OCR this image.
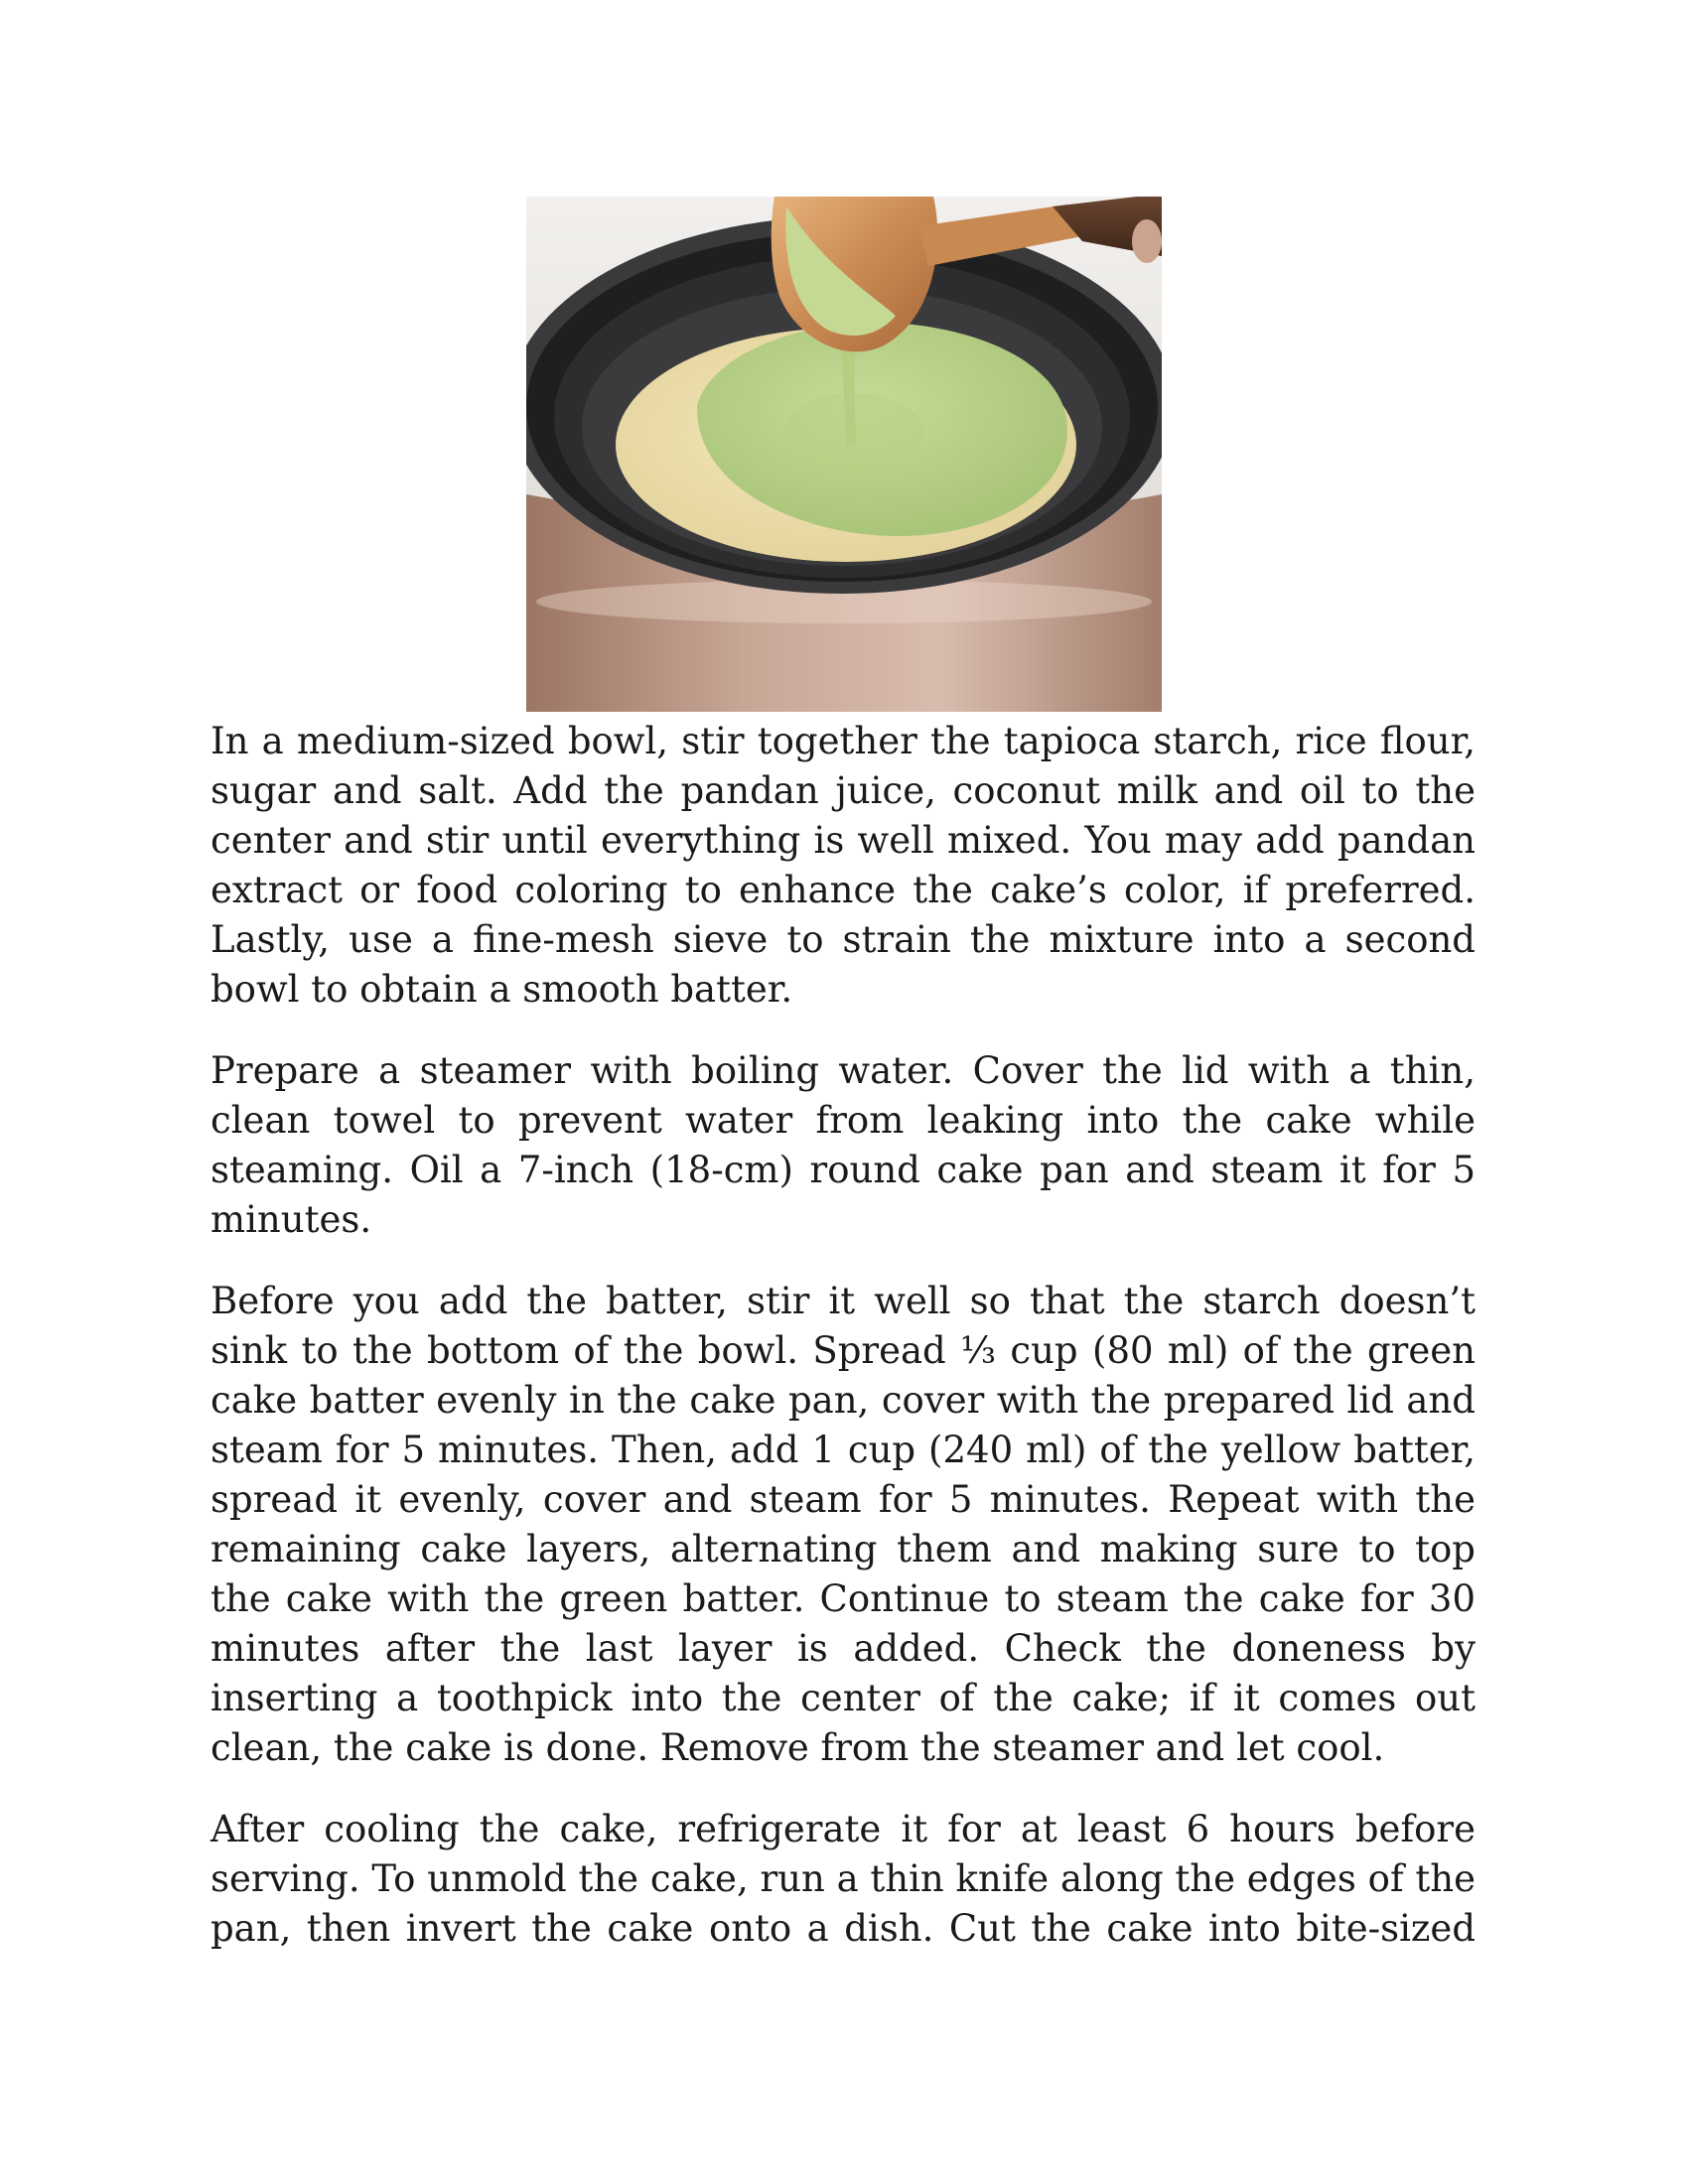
In a medium-sized bowl, stir together the tapioca starch, rice flour, sugar and salt. Add the pandan juice, coconut milk and oil to the center and stir until everything is well mixed. You may add pandan extract or food coloring to enhance the cake’s color, if preferred. Lastly, use a fine-mesh sieve to strain the mixture into a second bowl to obtain a smooth batter.

Prepare a steamer with boiling water. Cover the lid with a thin, clean towel to prevent water from leaking into the cake while steaming. Oil a 7-inch (18-cm) round cake pan and steam it for 5 minutes.

Before you add the batter, stir it well so that the starch doesn’t sink to the bottom of the bowl. Spread ⅓ cup (80 ml) of the green cake batter evenly in the cake pan, cover with the prepared lid and steam for 5 minutes. Then, add 1 cup (240 ml) of the yellow batter, spread it evenly, cover and steam for 5 minutes. Repeat with the remaining cake layers, alternating them and making sure to top the cake with the green batter. Continue to steam the cake for 30 minutes after the last layer is added. Check the doneness by inserting a toothpick into the center of the cake; if it comes out clean, the cake is done. Remove from the steamer and let cool.

After cooling the cake, refrigerate it for at least 6 hours before serving. To unmold the cake, run a thin knife along the edges of the pan, then invert the cake onto a dish. Cut the cake into bite-sized
